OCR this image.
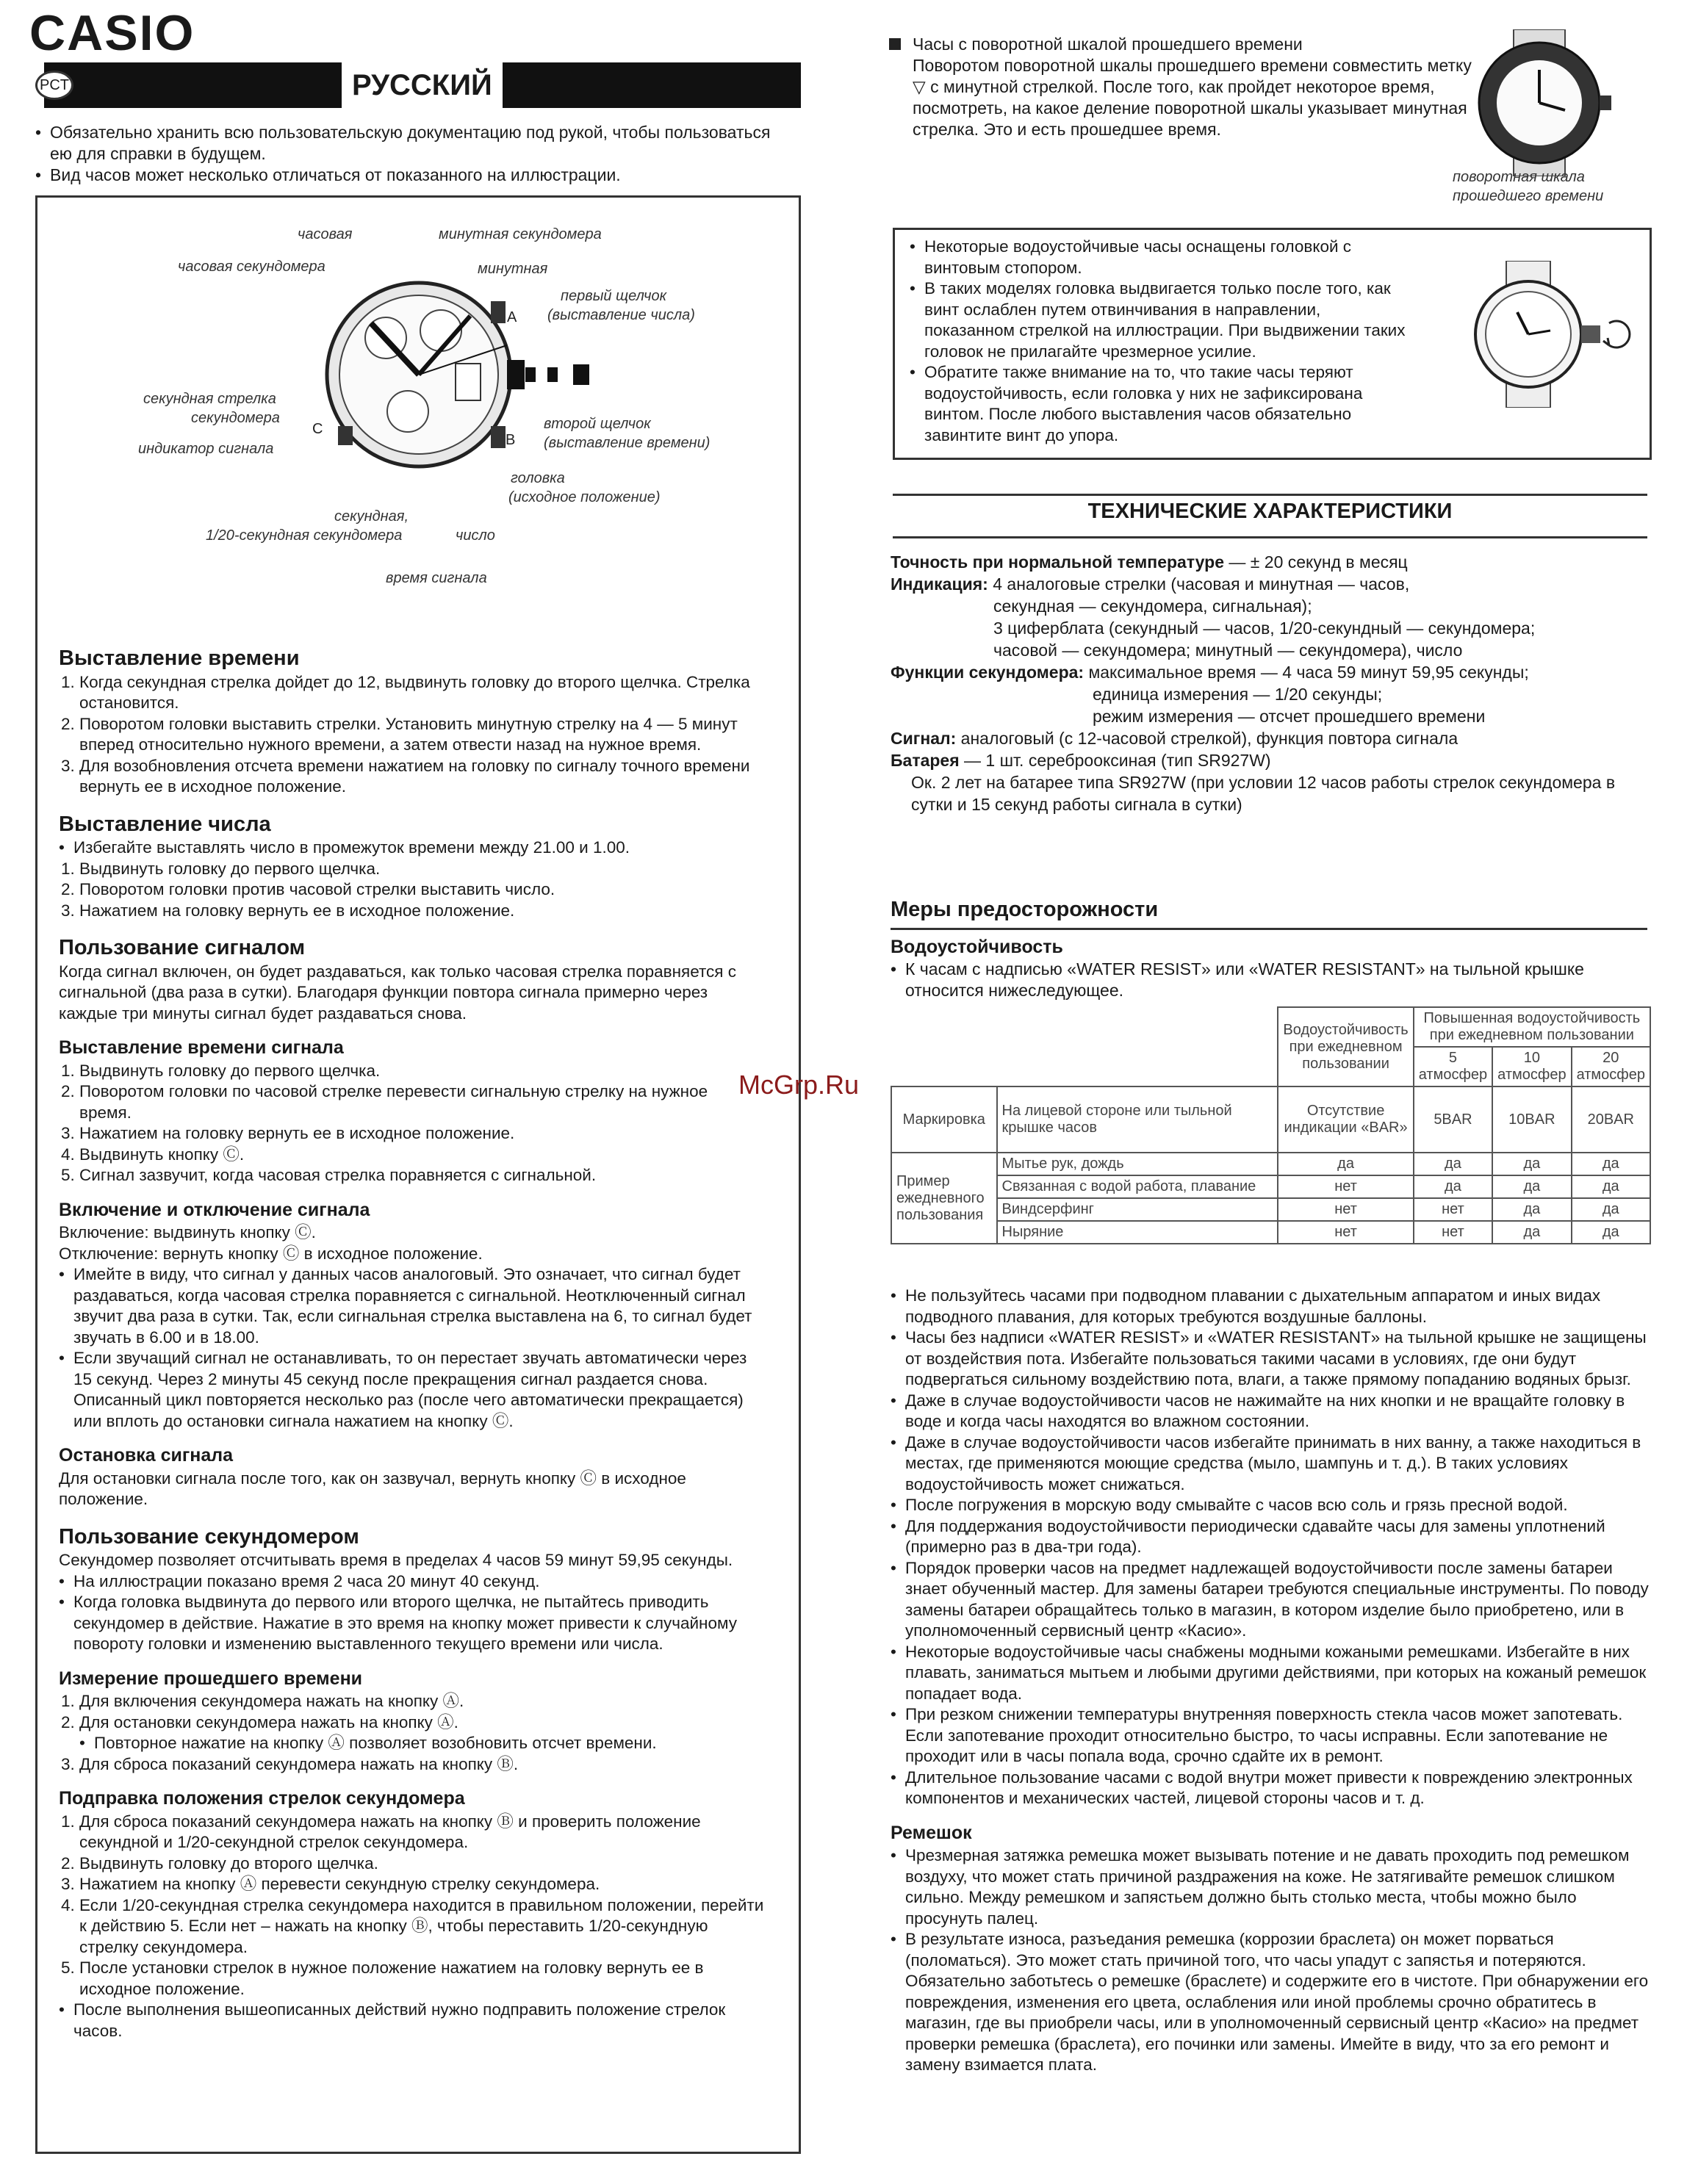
CASIO
РУССКИЙ
PCT
• Обязательно хранить всю пользовательскую документацию под рукой, чтобы пользоваться ею для справки в будущем.
• Вид часов может несколько отличаться от показанного на иллюстрации.
A
B
C
часовая	минутная секундомера
часовая секундомера	минутная
первый щелчок
(выставление числа)
секундная стрелка
секундомера
индикатор сигнала
второй щелчок
(выставление времени)
головка
(исходное положение)
секундная,
1/20-секундная секундомера	число
время сигнала
Выставление времени
1. Когда секундная стрелка дойдет до 12, выдвинуть головку до второго щелчка. Стрелка остановится.
2. Поворотом головки выставить стрелки. Установить минутную стрелку на 4 — 5 минут вперед относительно нужного времени, а затем отвести назад на нужное время.
3. Для возобновления отсчета времени нажатием на головку по сигналу точного времени вернуть ее в исходное положение.
Выставление числа
• Избегайте выставлять число в промежуток времени между 21.00 и 1.00.
1. Выдвинуть головку до первого щелчка.
2. Поворотом головки против часовой стрелки выставить число.
3. Нажатием на головку вернуть ее в исходное положение.
Пользование сигналом

Когда сигнал включен, он будет раздаваться, как только часовая стрелка поравняется с сигнальной (два раза в сутки). Благодаря функции повтора сигнала примерно через каждые три минуты сигнал будет раздаваться снова.

Выставление времени сигнала
1. Выдвинуть головку до первого щелчка.
2. Поворотом головки по часовой стрелке перевести сигнальную стрелку на нужное время.
3. Нажатием на головку вернуть ее в исходное положение.
4. Выдвинуть кнопку Ⓒ.
5. Сигнал зазвучит, когда часовая стрелка поравняется с сигнальной.
Включение и отключение сигнала

Включение: выдвинуть кнопку Ⓒ.

Отключение: вернуть кнопку Ⓒ в исходное положение.

• Имейте в виду, что сигнал у данных часов аналоговый. Это означает, что сигнал будет раздаваться, когда часовая стрелка поравняется с сигнальной. Неотключенный сигнал звучит два раза в сутки. Так, если сигнальная стрелка выставлена на 6, то сигнал будет звучать в 6.00 и в 18.00.
• Если звучащий сигнал не останавливать, то он перестает звучать автоматически через 15 секунд. Через 2 минуты 45 секунд после прекращения сигнал раздается снова. Описанный цикл повторяется несколько раз (после чего автоматически прекращается) или вплоть до остановки сигнала нажатием на кнопку Ⓒ.
Остановка сигнала

Для остановки сигнала после того, как он зазвучал, вернуть кнопку Ⓒ в исходное положение.

Пользование секундомером

Секундомер позволяет отсчитывать время в пределах 4 часов 59 минут 59,95 секунды.

• На иллюстрации показано время 2 часа 20 минут 40 секунд.
• Когда головка выдвинута до первого или второго щелчка, не пытайтесь приводить секундомер в действие. Нажатие в это время на кнопку может привести к случайному повороту головки и изменению выставленного текущего времени или числа.
Измерение прошедшего времени
1. Для включения секундомера нажать на кнопку Ⓐ.
2. Для остановки секундомера нажать на кнопку Ⓐ.
• Повторное нажатие на кнопку Ⓐ позволяет возобновить отсчет времени.
3. Для сброса показаний секундомера нажать на кнопку Ⓑ.
Подправка положения стрелок секундомера
1. Для сброса показаний секундомера нажать на кнопку Ⓑ и проверить положение секундной и 1/20-секундной стрелок секундомера.
2. Выдвинуть головку до второго щелчка.
3. Нажатием на кнопку Ⓐ перевести секундную стрелку секундомера.
4. Если 1/20-секундная стрелка секундомера находится в правильном положении, перейти к действию 5. Если нет – нажать на кнопку Ⓑ, чтобы переставить 1/20-секундную стрелку секундомера.
5. После установки стрелок в нужное положение нажатием на головку вернуть ее в исходное положение.
• После выполнения вышеописанных действий нужно подправить положение стрелок часов.

Часы с поворотной шкалой прошедшего времени

Поворотом поворотной шкалы прошедшего времени совместить метку ▽ с минутной стрелкой. После того, как пройдет некоторое время, посмотреть, на какое деление поворотной шкалы указывает минутная стрелка. Это и есть прошедшее время.

поворотная шкала
прошедшего времени
• Некоторые водоустойчивые часы оснащены головкой с винтовым стопором.
• В таких моделях головка выдвигается только после того, как винт ослаблен путем отвинчивания в направлении, показанном стрелкой на иллюстрации. При выдвижении таких головок не прилагайте чрезмерное усилие.
• Обратите также внимание на то, что такие часы теряют водоустойчивость, если головка у них не зафиксирована винтом. После любого выставления часов обязательно завинтите винт до упора.
ТЕХНИЧЕСКИЕ ХАРАКТЕРИСТИКИ

Точность при нормальной температуре — ± 20 секунд в месяц

Индикация: 4 аналоговые стрелки (часовая и минутная — часов,

секундная — секундомера, сигнальная);

3 циферблата (секундный — часов, 1/20-секундный — секундомера;

часовой — секундомера; минутный — секундомера), число

Функции секундомера: максимальное время — 4 часа 59 минут 59,95 секунды;

единица измерения — 1/20 секунды;

режим измерения — отсчет прошедшего времени

Сигнал: аналоговый (с 12-часовой стрелкой), функция повтора сигнала

Батарея — 1 шт. сереброоксиная (тип SR927W)

Ок. 2 лет на батарее типа SR927W (при условии 12 часов работы стрелок секундомера в сутки и 15 секунд работы сигнала в сутки)

Меры предосторожности
Водоустойчивость
• К часам с надписью «WATER RESIST» или «WATER RESISTANT» на тыльной крышке относится нижеследующее.
		Водоустойчивость при ежедневном пользовании	Повышенная водоустойчивость при ежедневном пользовании		
			5 атмосфер	10 атмосфер	20 атмосфер
Маркировка	На лицевой стороне или тыльной крышке часов	Отсутствие индикации «BAR»	5BAR	10BAR	20BAR
Пример ежедневного пользования	Мытье рук, дождь	да	да	да	да
	Связанная с водой работа, плавание	нет	да	да	да
	Виндсерфинг	нет	нет	да	да
	Ныряние	нет	нет	да	да
• Не пользуйтесь часами при подводном плавании с дыхательным аппаратом и иных видах подводного плавания, для которых требуются воздушные баллоны.
• Часы без надписи «WATER RESIST» и «WATER RESISTANT» на тыльной крышке не защищены от воздействия пота. Избегайте пользоваться такими часами в условиях, где они будут подвергаться сильному воздействию пота, влаги, а также прямому попаданию водяных брызг.
• Даже в случае водоустойчивости часов не нажимайте на них кнопки и не вращайте головку в воде и когда часы находятся во влажном состоянии.
• Даже в случае водоустойчивости часов избегайте принимать в них ванну, а также находиться в местах, где применяются моющие средства (мыло, шампунь и т. д.). В таких условиях водоустойчивость может снижаться.
• После погружения в морскую воду смывайте с часов всю соль и грязь пресной водой.
• Для поддержания водоустойчивости периодически сдавайте часы для замены уплотнений (примерно раз в два-три года).
• Порядок проверки часов на предмет надлежащей водоустойчивости после замены батареи знает обученный мастер. Для замены батареи требуются специальные инструменты. По поводу замены батареи обращайтесь только в магазин, в котором изделие было приобретено, или в уполномоченный сервисный центр «Касио».
• Некоторые водоустойчивые часы снабжены модными кожаными ремешками. Избегайте в них плавать, заниматься мытьем и любыми другими действиями, при которых на кожаный ремешок попадает вода.
• При резком снижении температуры внутренняя поверхность стекла часов может запотевать. Если запотевание проходит относительно быстро, то часы исправны. Если запотевание не проходит или в часы попала вода, срочно сдайте их в ремонт.
• Длительное пользование часами с водой внутри может привести к повреждению электронных компонентов и механических частей, лицевой стороны часов и т. д.
Ремешок
• Чрезмерная затяжка ремешка может вызывать потение и не давать проходить под ремешком воздуху, что может стать причиной раздражения на коже. Не затягивайте ремешок слишком сильно. Между ремешком и запястьем должно быть столько места, чтобы можно было просунуть палец.
• В результате износа, разъедания ремешка (коррозии браслета) он может порваться (поломаться). Это может стать причиной того, что часы упадут с запястья и потеряются. Обязательно заботьтесь о ремешке (браслете) и содержите его в чистоте. При обнаружении его повреждения, изменения его цвета, ослабления или иной проблемы срочно обратитесь в магазин, где вы приобрели часы, или в уполномоченный сервисный центр «Касио» на предмет проверки ремешка (браслета), его починки или замены. Имейте в виду, что за его ремонт и замену взимается плата.
McGrp.Ru
